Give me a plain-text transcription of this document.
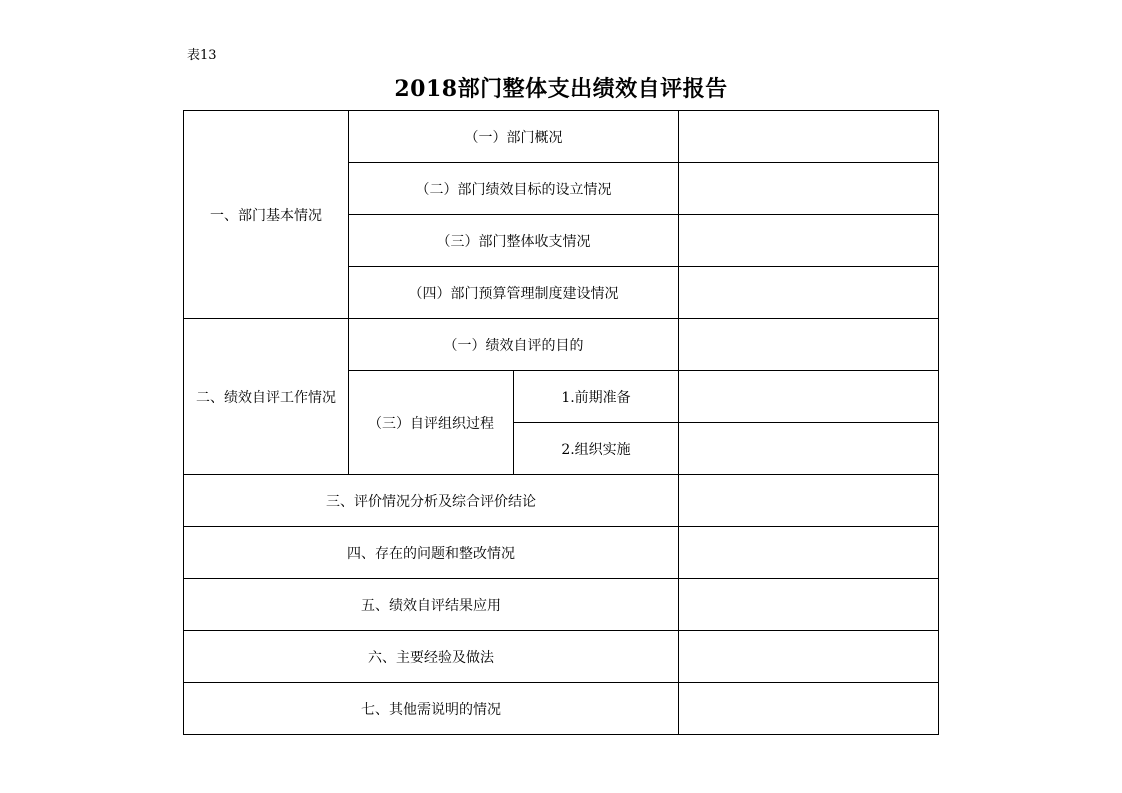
表13
2018部门整体支出绩效自评报告
一、部门基本情况	（一）部门概况		
	（二）部门绩效目标的设立情况		
	（三）部门整体收支情况		
	（四）部门预算管理制度建设情况		
二、绩效自评工作情况	（一）绩效自评的目的		
	（三）自评组织过程	1.前期准备	
		2.组织实施	
三、评价情况分析及综合评价结论			
四、存在的问题和整改情况			
五、绩效自评结果应用			
六、主要经验及做法			
七、其他需说明的情况			
